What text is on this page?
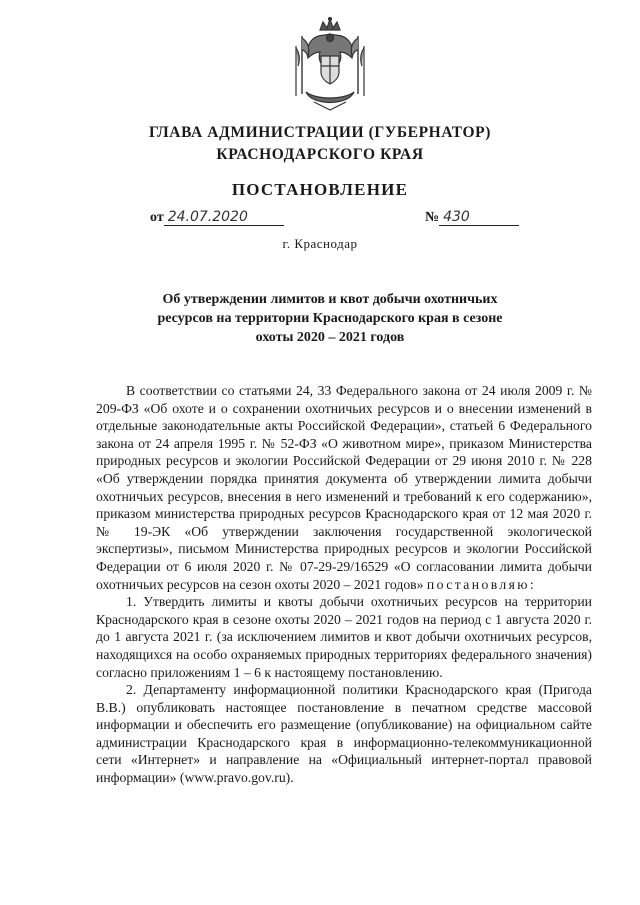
ГЛАВА АДМИНИСТРАЦИИ (ГУБЕРНАТОР)
КРАСНОДАРСКОГО КРАЯ
ПОСТАНОВЛЕНИЕ
от 24.07.2020	№ 430
г. Краснодар
Об утверждении лимитов и квот добычи охотничьих ресурсов на территории Краснодарского края в сезоне охоты 2020 – 2021 годов

В соответствии со статьями 24, 33 Федерального закона от 24 июля 2009 г. № 209-ФЗ «Об охоте и о сохранении охотничьих ресурсов и о внесении изменений в отдельные законодательные акты Российской Федерации», статьей 6 Федерального закона от 24 апреля 1995 г. № 52-ФЗ «О животном мире», приказом Министерства природных ресурсов и экологии Российской Федерации от 29 июня 2010 г. № 228 «Об утверждении порядка принятия документа об утверждении лимита добычи охотничьих ресурсов, внесения в него изменений и требований к его содержанию», приказом министерства природных ресурсов Краснодарского края от 12 мая 2020 г. № 19-ЭК «Об утверждении заключения государственной экологической экспертизы», письмом Министерства природных ресурсов и экологии Российской Федерации от 6 июля 2020 г. № 07-29-29/16529 «О согласовании лимита добычи охотничьих ресурсов на сезон охоты 2020 – 2021 годов» постановляю:

1. Утвердить лимиты и квоты добычи охотничьих ресурсов на территории Краснодарского края в сезоне охоты 2020 – 2021 годов на период с 1 августа 2020 г. до 1 августа 2021 г. (за исключением лимитов и квот добычи охотничьих ресурсов, находящихся на особо охраняемых природных территориях федерального значения) согласно приложениям 1 – 6 к настоящему постановлению.

2. Департаменту информационной политики Краснодарского края (Пригода В.В.) опубликовать настоящее постановление в печатном средстве массовой информации и обеспечить его размещение (опубликование) на официальном сайте администрации Краснодарского края в информационно-телекоммуникационной сети «Интернет» и направление на «Официальный интернет-портал правовой информации» (www.pravo.gov.ru).
